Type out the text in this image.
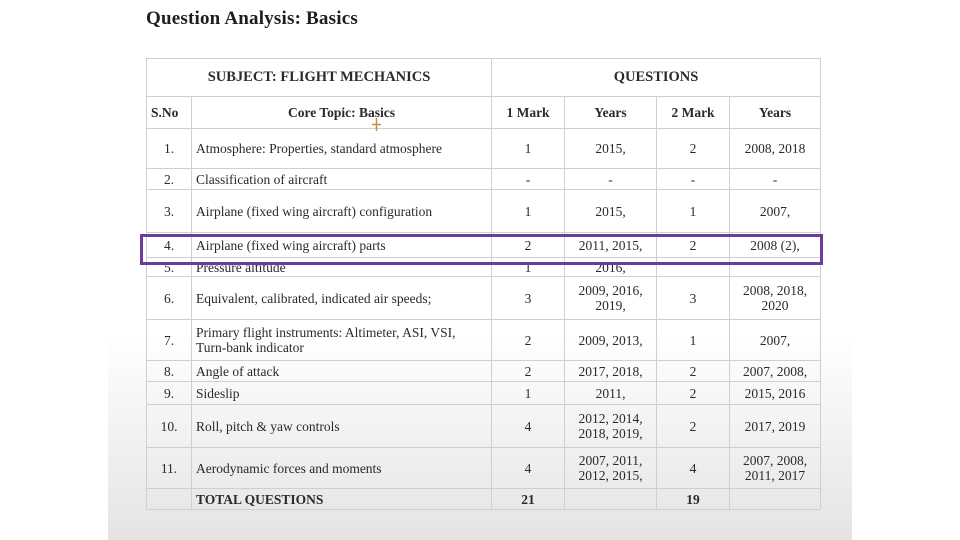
Question Analysis: Basics
SUBJECT: FLIGHT MECHANICS		QUESTIONS			
S.No	Core Topic: Basics	1 Mark	Years	2 Mark	Years
1.	Atmosphere: Properties, standard atmosphere	1	2015,	2	2008, 2018
2.	Classification of aircraft	-	-	-	-
3.	Airplane (fixed wing aircraft) configuration	1	2015,	1	2007,
4.	Airplane (fixed wing aircraft) parts	2	2011, 2015,	2	2008 (2),
5.	Pressure altitude	1	2016,		
6.	Equivalent, calibrated, indicated air speeds;	3	2009, 2016, 2019,	3	2008, 2018, 2020
7.	Primary flight instruments: Altimeter, ASI, VSI, Turn-bank indicator	2	2009, 2013,	1	2007,
8.	Angle of attack	2	2017, 2018,	2	2007, 2008,
9.	Sideslip	1	2011,	2	2015, 2016
10.	Roll, pitch & yaw controls	4	2012, 2014, 2018, 2019,	2	2017, 2019
11.	Aerodynamic forces and moments	4	2007, 2011, 2012, 2015,	4	2007, 2008, 2011, 2017
	TOTAL QUESTIONS	21		19	
